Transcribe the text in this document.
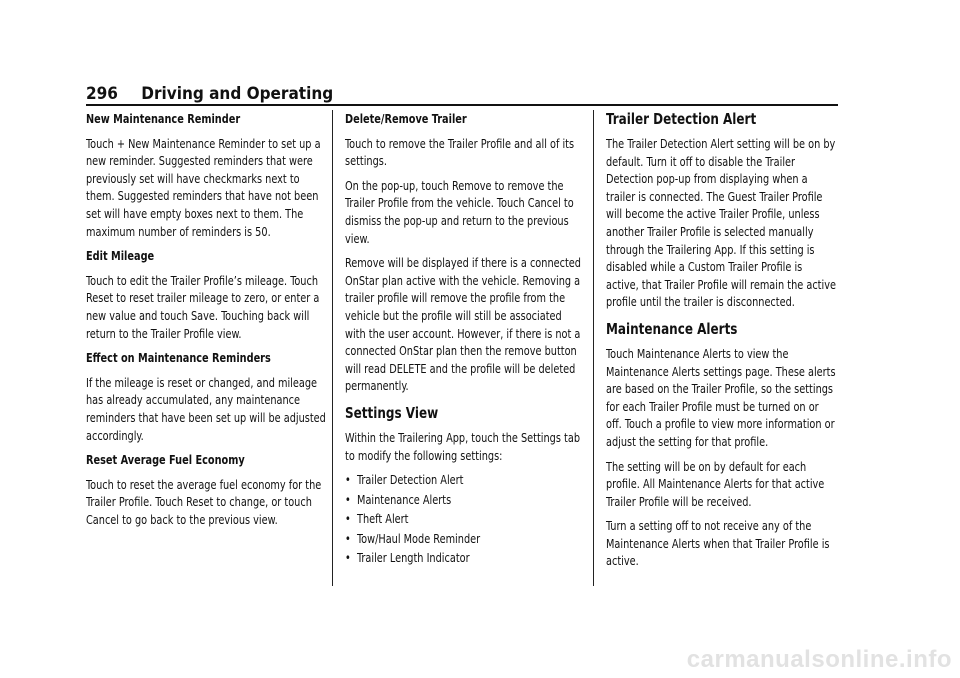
296 Driving and Operating

New Maintenance Reminder

Touch + New Maintenance Reminder to set up a new reminder. Suggested reminders that were previously set will have checkmarks next to them. Suggested reminders that have not been set will have empty boxes next to them. The maximum number of reminders is 50.

Edit Mileage

Touch to edit the Trailer Profile’s mileage. Touch Reset to reset trailer mileage to zero, or enter a new value and touch Save. Touching back will return to the Trailer Profile view.

Effect on Maintenance Reminders

If the mileage is reset or changed, and mileage has already accumulated, any maintenance reminders that have been set up will be adjusted accordingly.

Reset Average Fuel Economy

Touch to reset the average fuel economy for the Trailer Profile. Touch Reset to change, or touch Cancel to go back to the previous view.

Delete/Remove Trailer

Touch to remove the Trailer Profile and all of its settings.

On the pop-up, touch Remove to remove the Trailer Profile from the vehicle. Touch Cancel to dismiss the pop-up and return to the previous view.

Remove will be displayed if there is a connected OnStar plan active with the vehicle. Removing a trailer profile will remove the profile from the vehicle but the profile will still be associated with the user account. However, if there is not a connected OnStar plan then the remove button will read DELETE and the profile will be deleted permanently.

Settings View

Within the Trailering App, touch the Settings tab to modify the following settings:

• Trailer Detection Alert
• Maintenance Alerts
• Theft Alert
• Tow/Haul Mode Reminder
• Trailer Length Indicator
Trailer Detection Alert

The Trailer Detection Alert setting will be on by default. Turn it off to disable the Trailer Detection pop-up from displaying when a trailer is connected. The Guest Trailer Profile will become the active Trailer Profile, unless another Trailer Profile is selected manually through the Trailering App. If this setting is disabled while a Custom Trailer Profile is active, that Trailer Profile will remain the active profile until the trailer is disconnected.

Maintenance Alerts

Touch Maintenance Alerts to view the Maintenance Alerts settings page. These alerts are based on the Trailer Profile, so the settings for each Trailer Profile must be turned on or off. Touch a profile to view more information or adjust the setting for that profile.

The setting will be on by default for each profile. All Maintenance Alerts for that active Trailer Profile will be received.

Turn a setting off to not receive any of the Maintenance Alerts when that Trailer Profile is active.

carmanualsonline.info
